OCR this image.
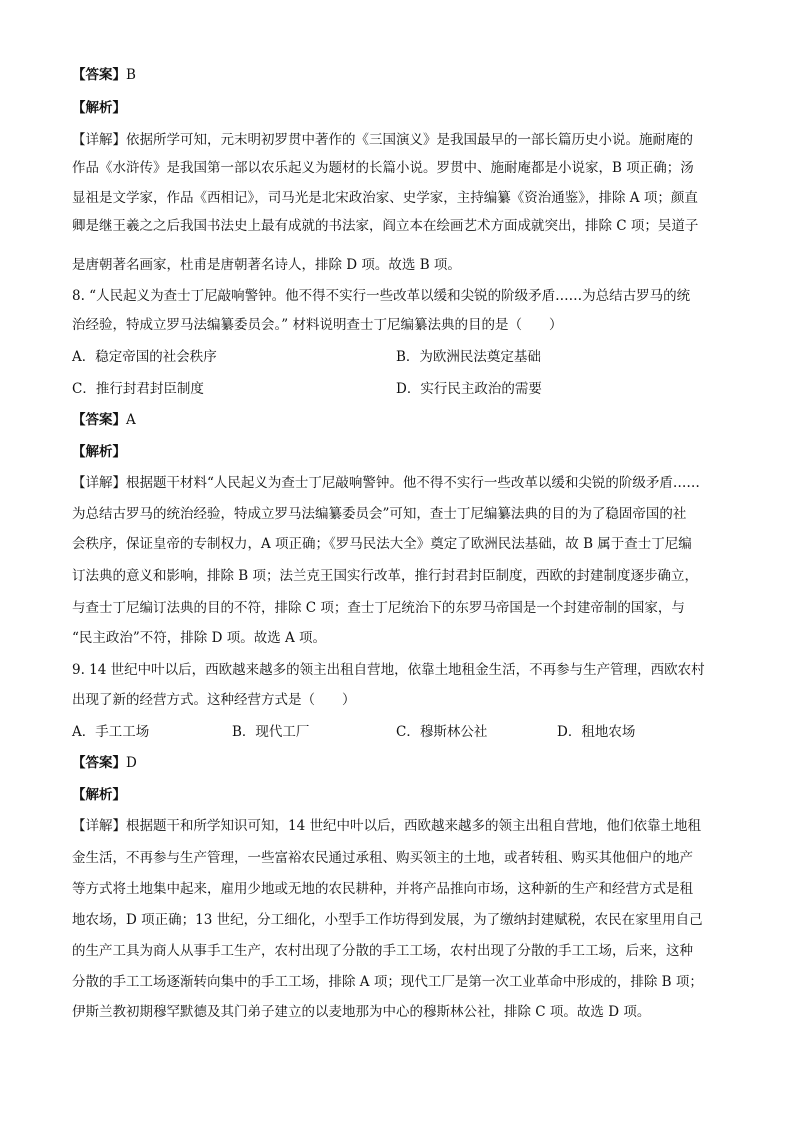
【答案】B
【解析】
【详解】依据所学可知，元末明初罗贯中著作的《三国演义》是我国最早的一部长篇历史小说。施耐庵的
作品《水浒传》是我国第一部以农乐起义为题材的长篇小说。罗贯中、施耐庵都是小说家，B 项正确；汤
显祖是文学家，作品《西相记》，司马光是北宋政治家、史学家，主持编纂《资治通鉴》，排除 A 项；颜直
卿是继王羲之之后我国书法史上最有成就的书法家，阎立本在绘画艺术方面成就突出，排除 C 项；吴道子
是唐朝著名画家，杜甫是唐朝著名诗人，排除 D 项。故选 B 项。
8. “人民起义为查士丁尼敲响警钟。他不得不实行一些改革以缓和尖锐的阶级矛盾……为总结古罗马的统
治经验，特成立罗马法编纂委员会。” 材料说明查士丁尼编纂法典的目的是（　　）
A．稳定帝国的社会秩序	B．为欧洲民法奠定基础
C．推行封君封臣制度	D．实行民主政治的需要
【答案】A
【解析】
【详解】根据题干材料“人民起义为查士丁尼敲响警钟。他不得不实行一些改革以缓和尖锐的阶级矛盾……
为总结古罗马的统治经验，特成立罗马法编纂委员会”可知，查士丁尼编纂法典的目的为了稳固帝国的社
会秩序，保证皇帝的专制权力，A 项正确；《罗马民法大全》奠定了欧洲民法基础，故 B 属于查士丁尼编
订法典的意义和影响，排除 B 项；法兰克王国实行改革，推行封君封臣制度，西欧的封建制度逐步确立，
与查士丁尼编订法典的目的不符，排除 C 项；查士丁尼统治下的东罗马帝国是一个封建帝制的国家，与
“民主政治”不符，排除 D 项。故选 A 项。
9. 14 世纪中叶以后，西欧越来越多的领主出租自营地，依靠土地租金生活，不再参与生产管理，西欧农村
出现了新的经营方式。这种经营方式是（　　）
A．手工工场	B．现代工厂	C．穆斯林公社	D．租地农场
【答案】D
【解析】
【详解】根据题干和所学知识可知，14 世纪中叶以后，西欧越来越多的领主出租自营地，他们依靠土地租
金生活，不再参与生产管理，一些富裕农民通过承租、购买领主的土地，或者转租、购买其他佃户的地产
等方式将土地集中起来，雇用少地或无地的农民耕种，并将产品推向市场，这种新的生产和经营方式是租
地农场，D 项正确；13 世纪，分工细化，小型手工作坊得到发展，为了缴纳封建赋税，农民在家里用自己
的生产工具为商人从事手工生产，农村出现了分散的手工工场，农村出现了分散的手工工场，后来，这种
分散的手工工场逐渐转向集中的手工工场，排除 A 项；现代工厂是第一次工业革命中形成的，排除 B 项；
伊斯兰教初期穆罕默德及其门弟子建立的以麦地那为中心的穆斯林公社，排除 C 项。故选 D 项。
